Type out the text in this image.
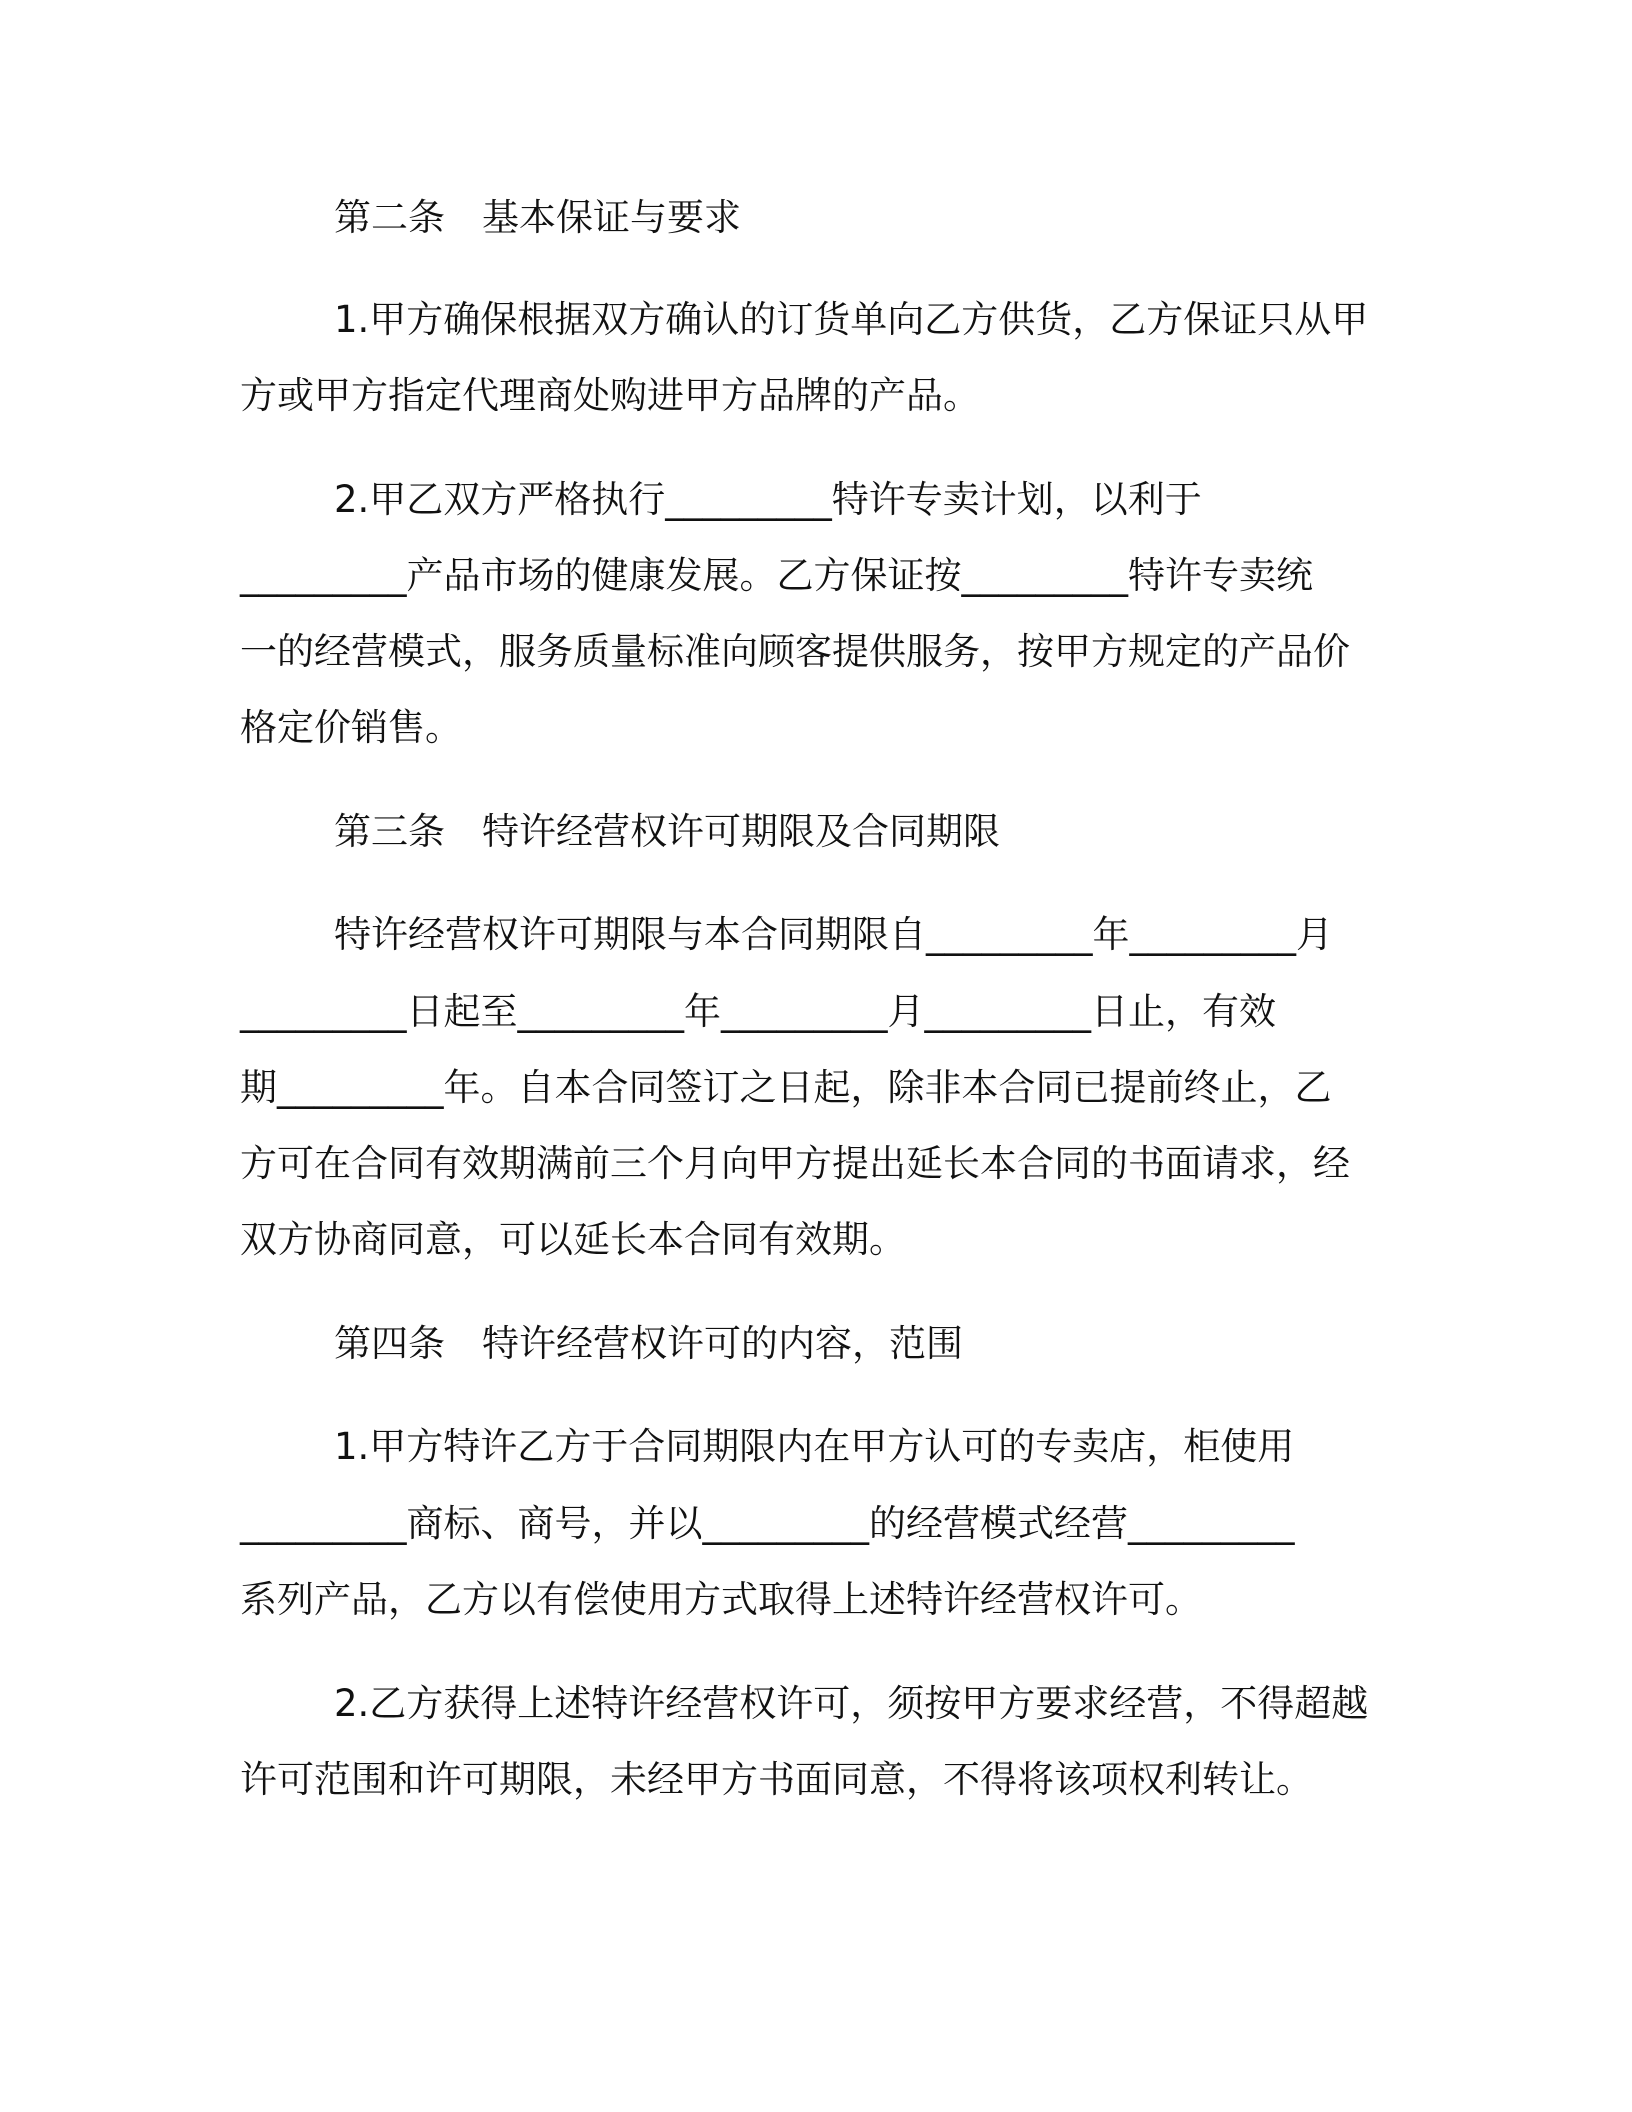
第二条　基本保证与要求
1.甲方确保根据双方确认的订货单向乙方供货，乙方保证只从甲
方或甲方指定代理商处购进甲方品牌的产品。
2.甲乙双方严格执行_________特许专卖计划，以利于
_________产品市场的健康发展。乙方保证按_________特许专卖统
一的经营模式，服务质量标准向顾客提供服务，按甲方规定的产品价
格定价销售。
第三条　特许经营权许可期限及合同期限
特许经营权许可期限与本合同期限自_________年_________月
_________日起至_________年_________月_________日止，有效
期_________年。自本合同签订之日起，除非本合同已提前终止，乙
方可在合同有效期满前三个月向甲方提出延长本合同的书面请求，经
双方协商同意，可以延长本合同有效期。
第四条　特许经营权许可的内容，范围
1.甲方特许乙方于合同期限内在甲方认可的专卖店，柜使用
_________商标、商号，并以_________的经营模式经营_________
系列产品，乙方以有偿使用方式取得上述特许经营权许可。
2.乙方获得上述特许经营权许可，须按甲方要求经营，不得超越
许可范围和许可期限，未经甲方书面同意，不得将该项权利转让。
